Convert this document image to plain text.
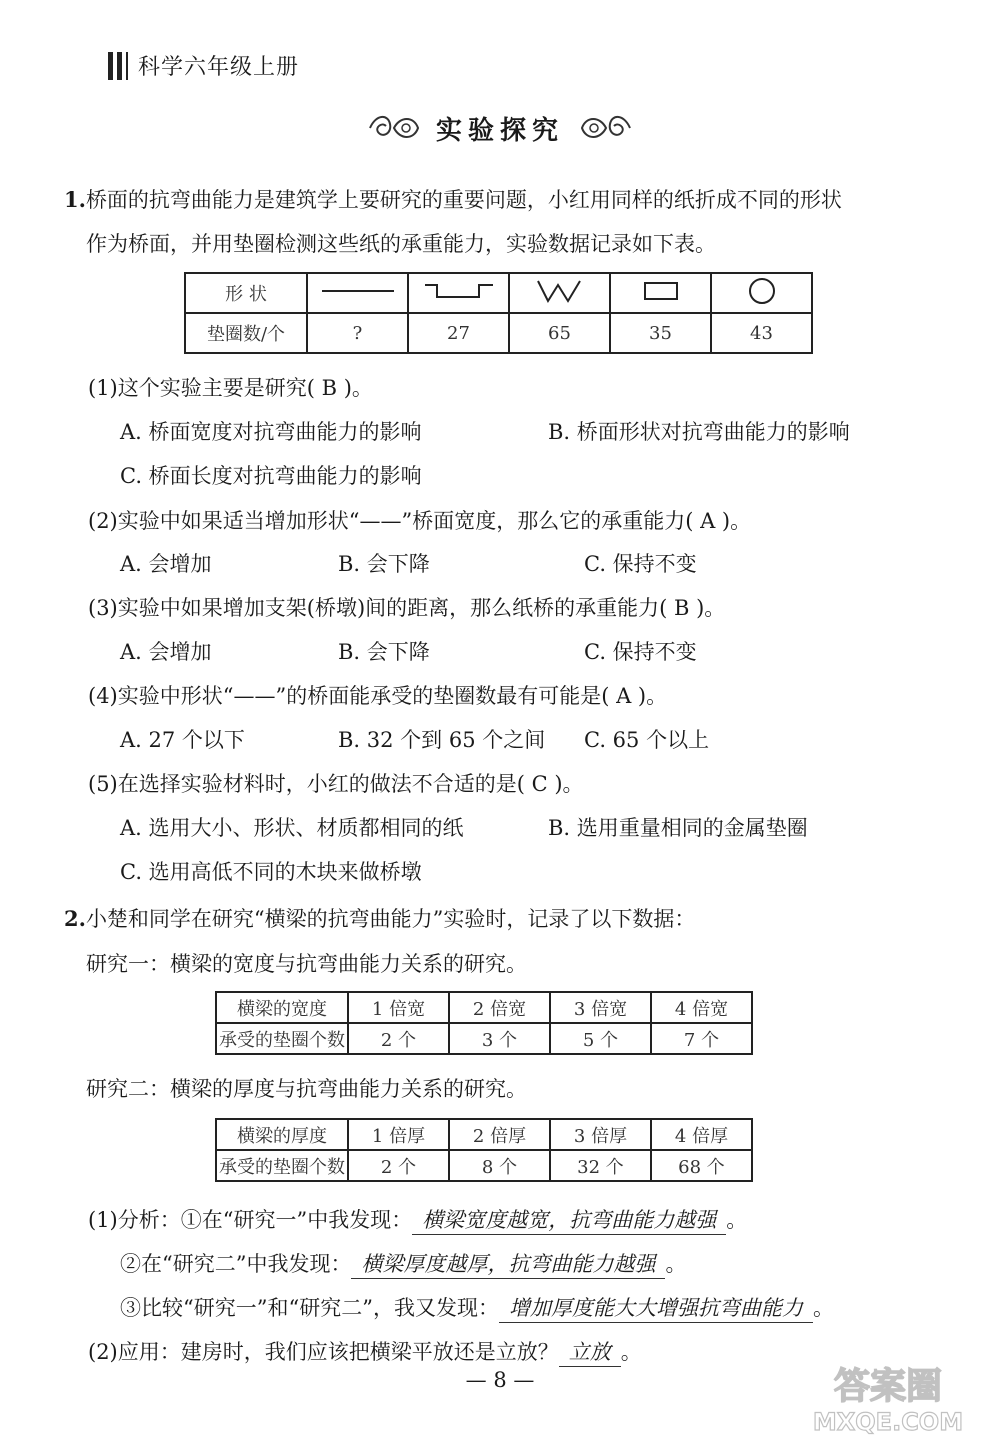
科学六年级上册
实验探究
1.桥面的抗弯曲能力是建筑学上要研究的重要问题，小红用同样的纸折成不同的形状
作为桥面，并用垫圈检测这些纸的承重能力，实验数据记录如下表。
形 状					
垫圈数/个	?	27	65	35	43
(1)这个实验主要是研究( B )。
A. 桥面宽度对抗弯曲能力的影响	B. 桥面形状对抗弯曲能力的影响
C. 桥面长度对抗弯曲能力的影响
(2)实验中如果适当增加形状“——”桥面宽度，那么它的承重能力( A )。
A. 会增加	B. 会下降	C. 保持不变
(3)实验中如果增加支架(桥墩)间的距离，那么纸桥的承重能力( B )。
A. 会增加	B. 会下降	C. 保持不变
(4)实验中形状“——”的桥面能承受的垫圈数最有可能是( A )。
A. 27 个以下	B. 32 个到 65 个之间 C. 65 个以上
(5)在选择实验材料时，小红的做法不合适的是( C )。
A. 选用大小、形状、材质都相同的纸	B. 选用重量相同的金属垫圈
C. 选用高低不同的木块来做桥墩
2.小楚和同学在研究“横梁的抗弯曲能力”实验时，记录了以下数据：
研究一：横梁的宽度与抗弯曲能力关系的研究。
横梁的宽度	1 倍宽	2 倍宽	3 倍宽	4 倍宽
承受的垫圈个数	2 个	3 个	5 个	7 个
研究二：横梁的厚度与抗弯曲能力关系的研究。
横梁的厚度	1 倍厚	2 倍厚	3 倍厚	4 倍厚
承受的垫圈个数	2 个	8 个	32 个	68 个
(1)分析：①在“研究一”中我发现： 横梁宽度越宽，抗弯曲能力越强 。
②在“研究二”中我发现： 横梁厚度越厚，抗弯曲能力越强 。
③比较“研究一”和“研究二”，我又发现： 增加厚度能大大增强抗弯曲能力 。
(2)应用：建房时，我们应该把横梁平放还是立放？ 立放 。
— 8 —	答案圈
MXQE.COM
